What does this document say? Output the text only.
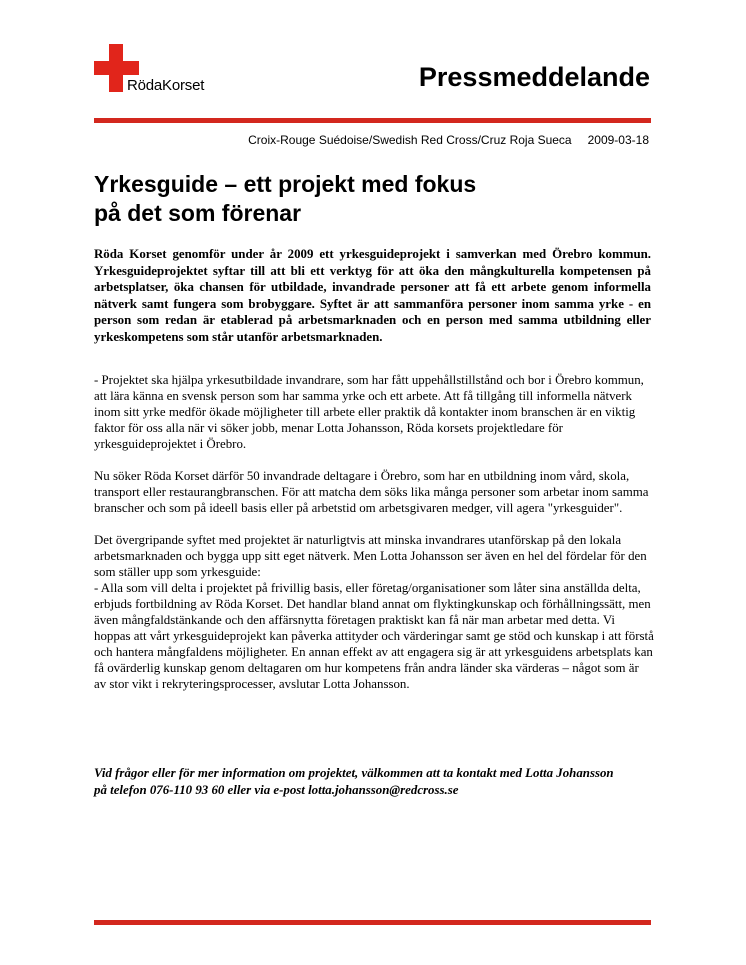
RödaKorset	Pressmeddelande
Croix-Rouge Suédoise/Swedish Red Cross/Cruz Roja Sueca 2009-03-18
Yrkesguide – ett projekt med fokus
på det som förenar

Röda Korset genomför under år 2009 ett yrkesguideprojekt i samverkan med Örebro kommun. Yrkesguideprojektet syftar till att bli ett verktyg för att öka den mångkulturella kompetensen på arbetsplatser, öka chansen för utbildade, invandrade personer att få ett arbete genom informella nätverk samt fungera som brobyggare. Syftet är att sammanföra personer inom samma yrke - en person som redan är etablerad på arbetsmarknaden och en person med samma utbildning eller yrkeskompetens som står utanför arbetsmarknaden.

- Projektet ska hjälpa yrkesutbildade invandrare, som har fått uppehållstillstånd och bor i Örebro kommun, att lära känna en svensk person som har samma yrke och ett arbete. Att få tillgång till informella nätverk inom sitt yrke medför ökade möjligheter till arbete eller praktik då kontakter inom branschen är en viktig faktor för oss alla när vi söker jobb, menar Lotta Johansson, Röda korsets projektledare för yrkesguideprojektet i Örebro.

Nu söker Röda Korset därför 50 invandrade deltagare i Örebro, som har en utbildning inom vård, skola, transport eller restaurangbranschen. För att matcha dem söks lika många personer som arbetar inom samma branscher och som på ideell basis eller på arbetstid om arbetsgivaren medger, vill agera "yrkesguider".

Det övergripande syftet med projektet är naturligtvis att minska invandrares utanförskap på den lokala arbetsmarknaden och bygga upp sitt eget nätverk. Men Lotta Johansson ser även en hel del fördelar för den som ställer upp som yrkesguide:

- Alla som vill delta i projektet på frivillig basis, eller företag/organisationer som låter sina anställda delta, erbjuds fortbildning av Röda Korset. Det handlar bland annat om flyktingkunskap och förhållningssätt, men även mångfaldstänkande och den affärsnytta företagen praktiskt kan få när man arbetar med detta. Vi hoppas att vårt yrkesguideprojekt kan påverka attityder och värderingar samt ge stöd och kunskap i att förstå och hantera mångfaldens möjligheter. En annan effekt av att engagera sig är att yrkesguidens arbetsplats kan få ovärderlig kunskap genom deltagaren om hur kompetens från andra länder ska värderas – något som är av stor vikt i rekryteringsprocesser, avslutar Lotta Johansson.

Vid frågor eller för mer information om projektet, välkommen att ta kontakt med Lotta Johansson på telefon 076-110 93 60 eller via e-post lotta.johansson@redcross.se
